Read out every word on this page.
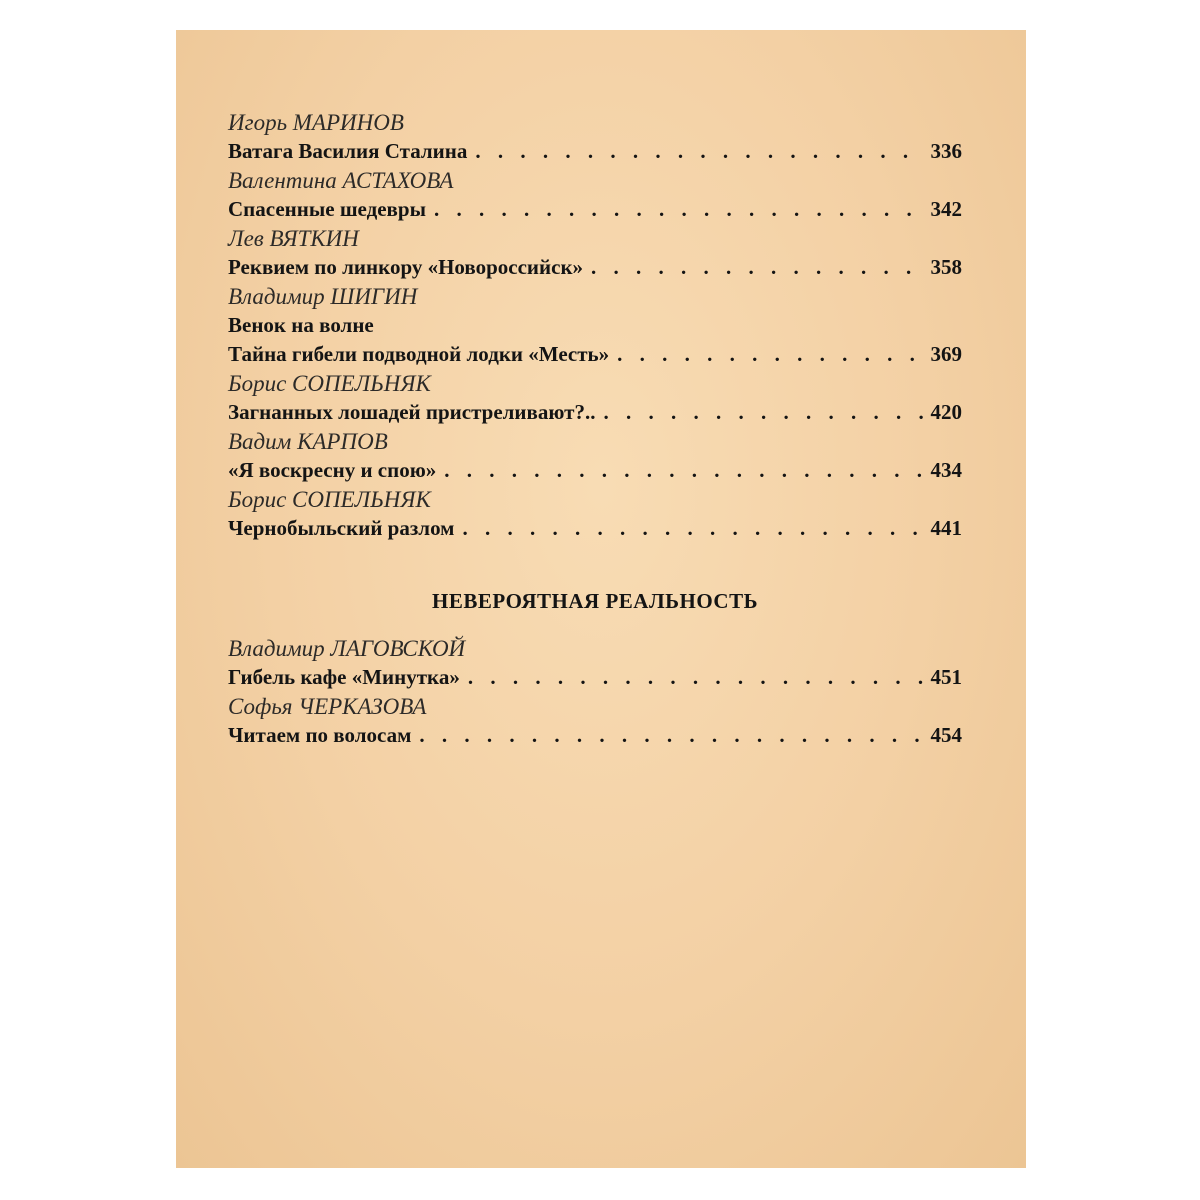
Игорь МАРИНОВ
Ватага Василия Сталина . . .	336
Валентина АСТАХОВА
Спасенные шедевры . . .	342
Лев ВЯТКИН
Реквием по линкору «Новороссийск» . . .	358
Владимир ШИГИН
Венок на волне
Тайна гибели подводной лодки «Месть» . . .	369
Борис СОПЕЛЬНЯК
Загнанных лошадей пристреливают?.. . . .	420
Вадим КАРПОВ
«Я воскресну и спою» . . .	434
Борис СОПЕЛЬНЯК
Чернобыльский разлом . . .	441
НЕВЕРОЯТНАЯ РЕАЛЬНОСТЬ
Владимир ЛАГОВСКОЙ
Гибель кафе «Минутка» . . .	451
Софья ЧЕРКАЗОВА
Читаем по волосам . . .	454
